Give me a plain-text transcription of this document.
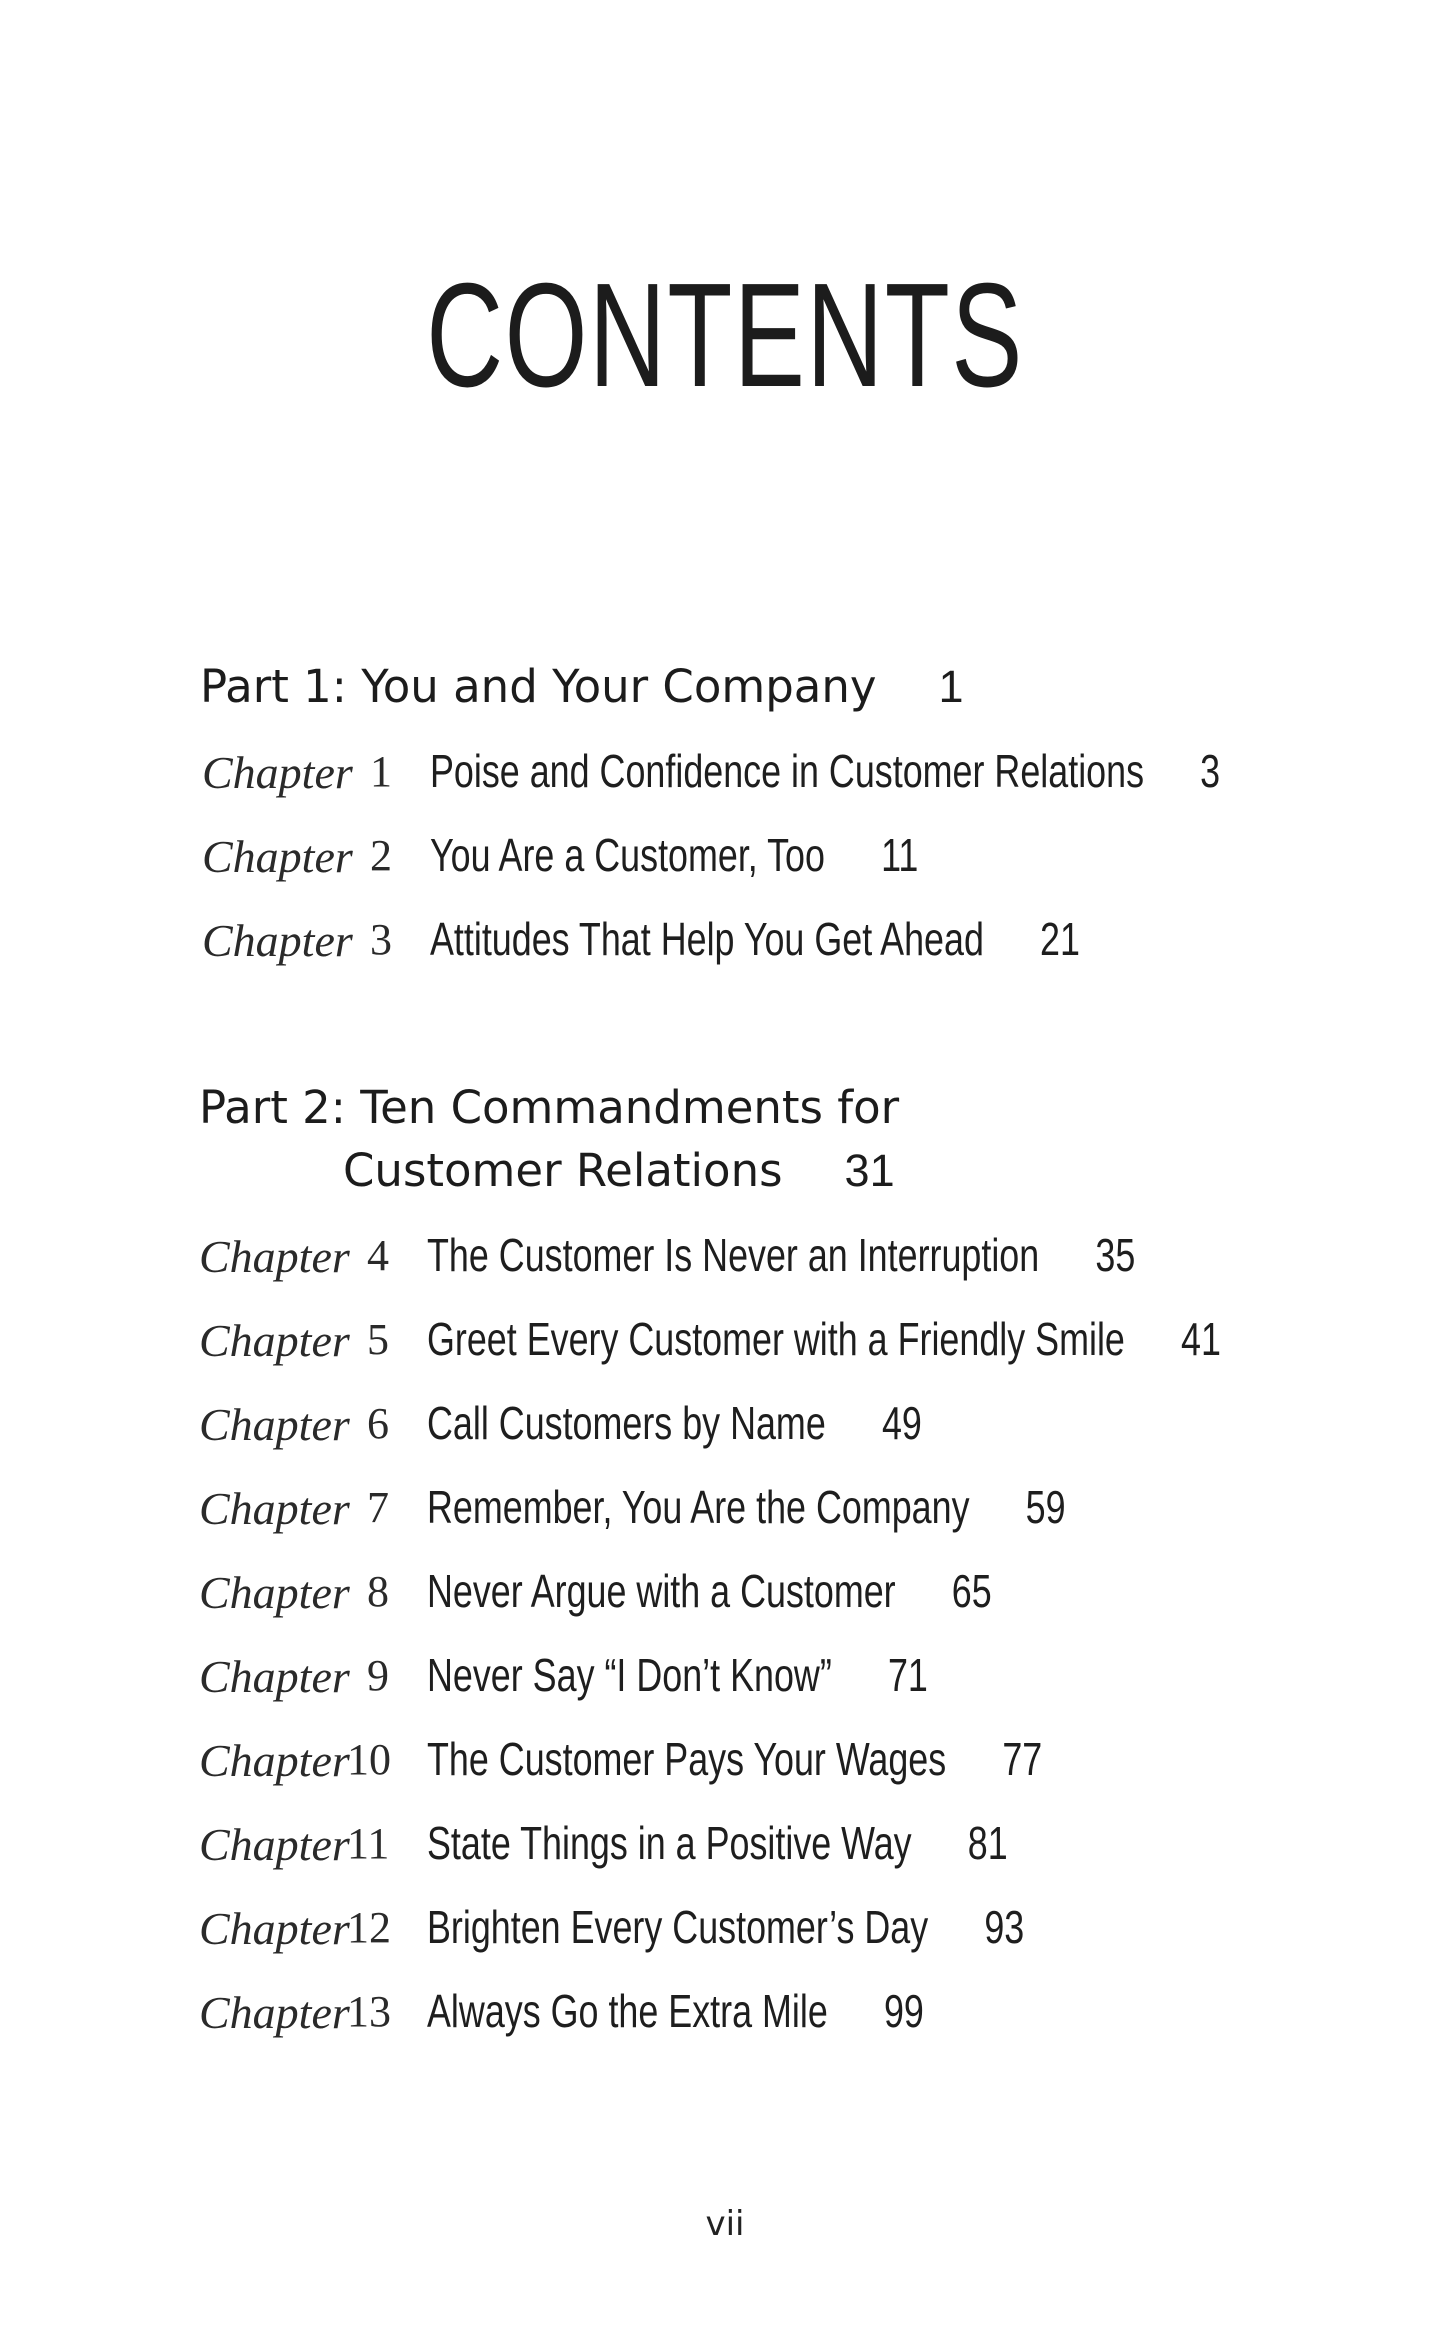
CONTENTS
Part 1: You and Your Company 1
Chapter 1 Poise and Confidence in Customer Relations 3
Chapter 2 You Are a Customer, Too 11
Chapter 3 Attitudes That Help You Get Ahead 21
Part 2: Ten Commandments for
Customer Relations 31
Chapter 4 The Customer Is Never an Interruption 35
Chapter 5 Greet Every Customer with a Friendly Smile 41
Chapter 6 Call Customers by Name 49
Chapter 7 Remember, You Are the Company 59
Chapter 8 Never Argue with a Customer 65
Chapter 9 Never Say “I Don’t Know” 71
Chapter
10 The Customer Pays Your Wages 77
Chapter
11 State Things in a Positive Way 81
Chapter
12 Brighten Every Customer’s Day 93
Chapter
13 Always Go the Extra Mile 99
vii
